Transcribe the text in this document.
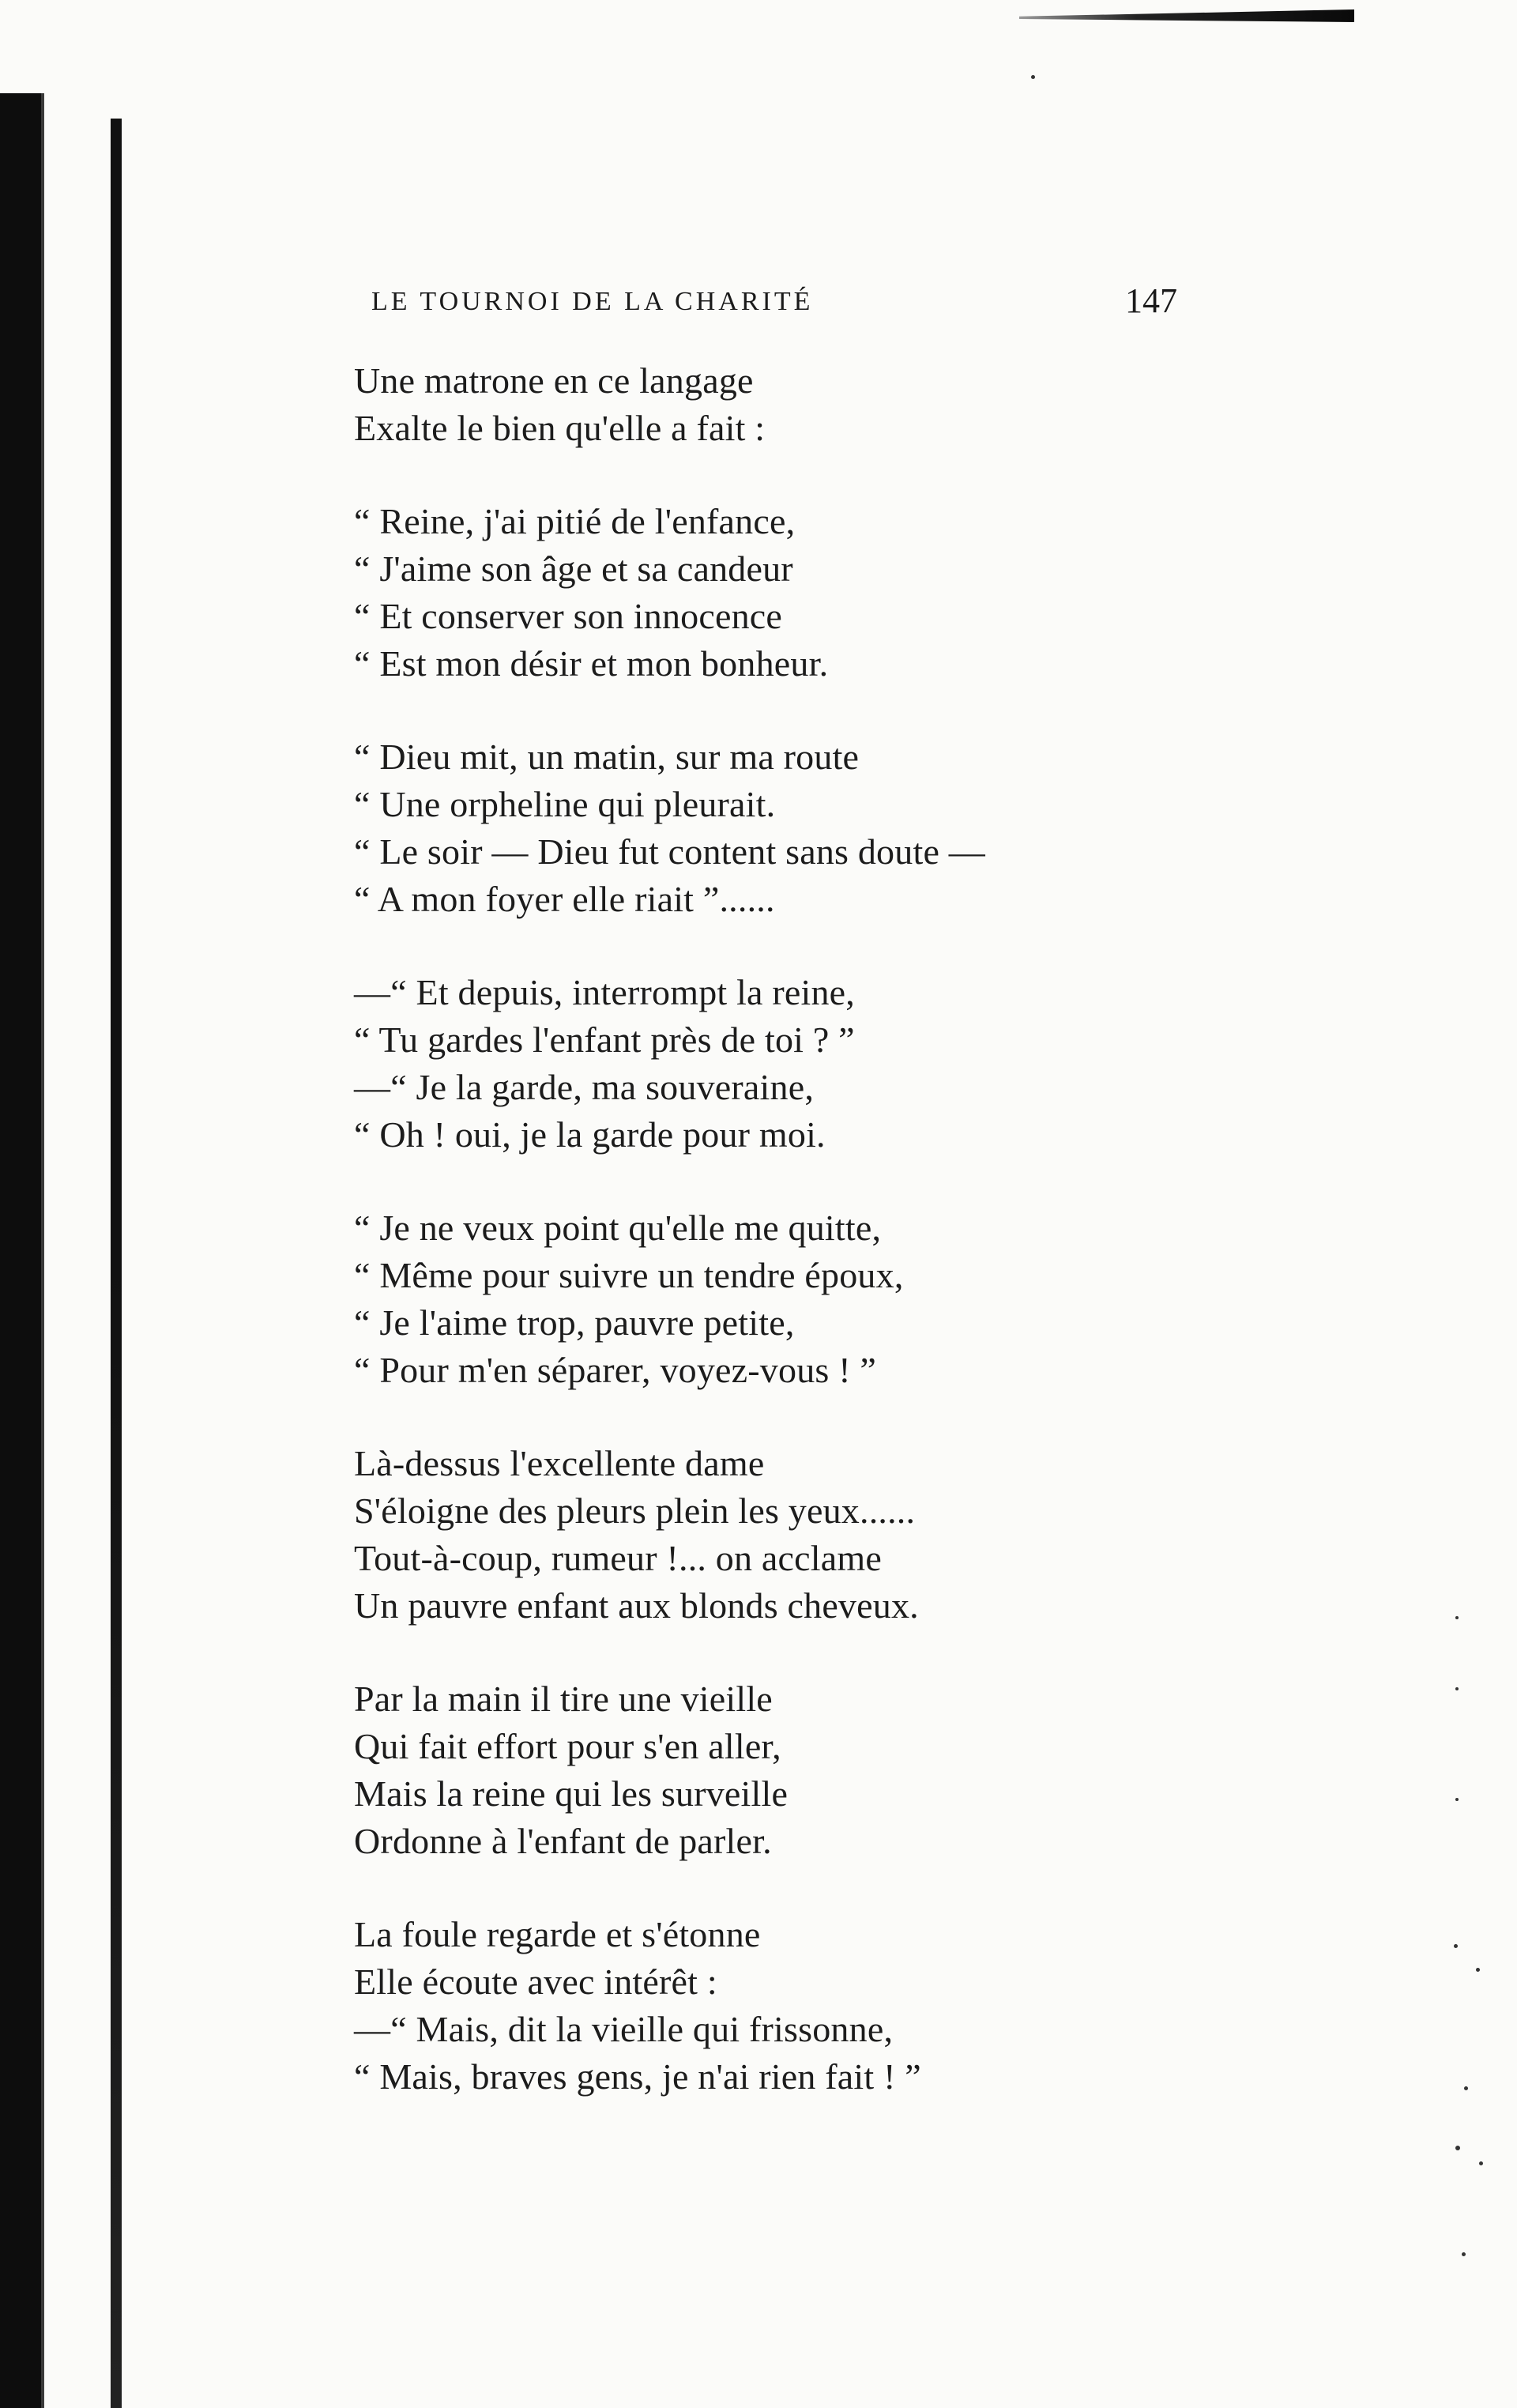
LE TOURNOI DE LA CHARITÉ	147
Une matrone en ce langage
Exalte le bien qu'elle a fait :
“ Reine, j'ai pitié de l'enfance,
“ J'aime son âge et sa candeur
“ Et conserver son innocence
“ Est mon désir et mon bonheur.
“ Dieu mit, un matin, sur ma route
“ Une orpheline qui pleurait.
“ Le soir — Dieu fut content sans doute —
“ A mon foyer elle riait ”......
—“ Et depuis, interrompt la reine,
“ Tu gardes l'enfant près de toi ? ”
—“ Je la garde, ma souveraine,
“ Oh ! oui, je la garde pour moi.
“ Je ne veux point qu'elle me quitte,
“ Même pour suivre un tendre époux,
“ Je l'aime trop, pauvre petite,
“ Pour m'en séparer, voyez-vous ! ”
Là-dessus l'excellente dame
S'éloigne des pleurs plein les yeux......
Tout-à-coup, rumeur !... on acclame
Un pauvre enfant aux blonds cheveux.
Par la main il tire une vieille
Qui fait effort pour s'en aller,
Mais la reine qui les surveille
Ordonne à l'enfant de parler.
La foule regarde et s'étonne
Elle écoute avec intérêt :
—“ Mais, dit la vieille qui frissonne,
“ Mais, braves gens, je n'ai rien fait ! ”
